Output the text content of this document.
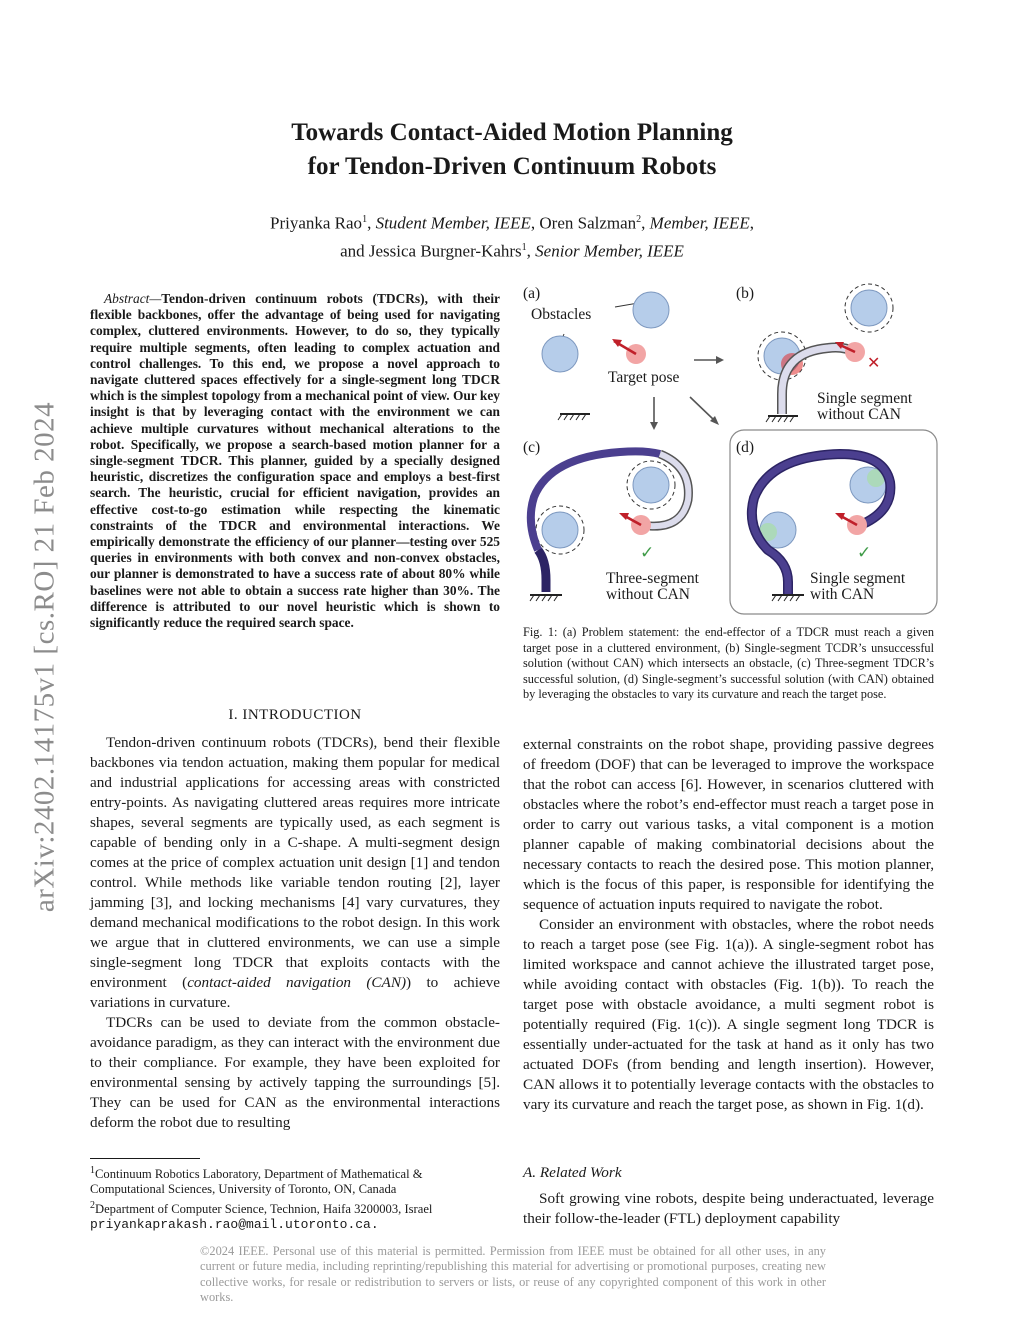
Towards Contact-Aided Motion Planning
for Tendon-Driven Continuum Robots
Priyanka Rao$^1$, Student Member, IEEE, Oren Salzman$^2$, Member, IEEE,
and Jessica Burgner-Kahrs$^1$, Senior Member, IEEE
arXiv:2402.14175v1 [cs.RO] 21 Feb 2024
Abstract—Tendon-driven continuum robots (TDCRs), with their flexible backbones, offer the advantage of being used for navigating complex, cluttered environments. However, to do so, they typically require multiple segments, often leading to complex actuation and control challenges. To this end, we propose a novel approach to navigate cluttered spaces effectively for a single-segment long TDCR which is the simplest topology from a mechanical point of view. Our key insight is that by leveraging contact with the environment we can achieve multiple curvatures without mechanical alterations to the robot. Specifically, we propose a search-based motion planner for a single-segment TDCR. This planner, guided by a specially designed heuristic, discretizes the configuration space and employs a best-first search. The heuristic, crucial for efficient navigation, provides an effective cost-to-go estimation while respecting the kinematic constraints of the TDCR and environmental interactions. We empirically demonstrate the efficiency of our planner—testing over 525 queries in environments with both convex and non-convex obstacles, our planner is demonstrated to have a success rate of about 80% while baselines were not able to obtain a success rate higher than 30%. The difference is attributed to our novel heuristic which is shown to significantly reduce the required search space.
I. INTRODUCTION

Tendon-driven continuum robots (TDCRs), bend their flexible backbones via tendon actuation, making them popular for medical and industrial applications for accessing areas with constricted entry-points. As navigating cluttered areas requires more intricate shapes, several segments are typically used, as each segment is capable of bending only in a C-shape. A multi-segment design comes at the price of complex actuation unit design [1] and tendon control. While methods like variable tendon routing [2], layer jamming [3], and locking mechanisms [4] vary curvatures, they demand mechanical modifications to the robot design. In this work we argue that in cluttered environments, we can use a simple single-segment long TDCR that exploits contacts with the environment (contact-aided navigation (CAN)) to achieve variations in curvature.

TDCRs can be used to deviate from the common obstacle-avoidance paradigm, as they can interact with the environment due to their compliance. For example, they have been exploited for environmental sensing by actively tapping the surroundings [5]. They can be used for CAN as the environmental interactions deform the robot due to resulting

$^1$Continuum Robotics Laboratory, Department of Mathematical & Computational Sciences, University of Toronto, ON, Canada
$^2$Department of Computer Science, Technion, Haifa 3200003, Israel
priyankaprakash.rao@mail.utoronto.ca.
(a)
Obstacles
Target pose
(b)
✕
Single segment
without CAN
(c)
✓
Three-segment
without CAN
(d)
✓
Single segment
with CAN
Fig. 1: (a) Problem statement: the end-effector of a TDCR must reach a given target pose in a cluttered environment, (b) Single-segment TCDR’s unsuccessful solution (without CAN) which intersects an obstacle, (c) Three-segment TDCR’s successful solution, (d) Single-segment’s successful solution (with CAN) obtained by leveraging the obstacles to vary its curvature and reach the target pose.

external constraints on the robot shape, providing passive degrees of freedom (DOF) that can be leveraged to improve the workspace that the robot can access [6]. However, in scenarios cluttered with obstacles where the robot’s end-effector must reach a target pose in order to carry out various tasks, a vital component is a motion planner capable of making combinatorial decisions about the necessary contacts to reach the desired pose. This motion planner, which is the focus of this paper, is responsible for identifying the sequence of actuation inputs required to navigate the robot.

Consider an environment with obstacles, where the robot needs to reach a target pose (see Fig. 1(a)). A single-segment robot has limited workspace and cannot achieve the illustrated target pose, while avoiding contact with obstacles (Fig. 1(b)). To reach the target pose with obstacle avoidance, a multi segment robot is potentially required (Fig. 1(c)). A single segment long TDCR is essentially under-actuated for the task at hand as it only has two actuated DOFs (from bending and length insertion). However, CAN allows it to potentially leverage contacts with the obstacles to vary its curvature and reach the target pose, as shown in Fig. 1(d).

A. Related Work

Soft growing vine robots, despite being underactuated, leverage their follow-the-leader (FTL) deployment capability

©2024 IEEE. Personal use of this material is permitted. Permission from IEEE must be obtained for all other uses, in any current or future media, including reprinting/republishing this material for advertising or promotional purposes, creating new collective works, for resale or redistribution to servers or lists, or reuse of any copyrighted component of this work in other works.
